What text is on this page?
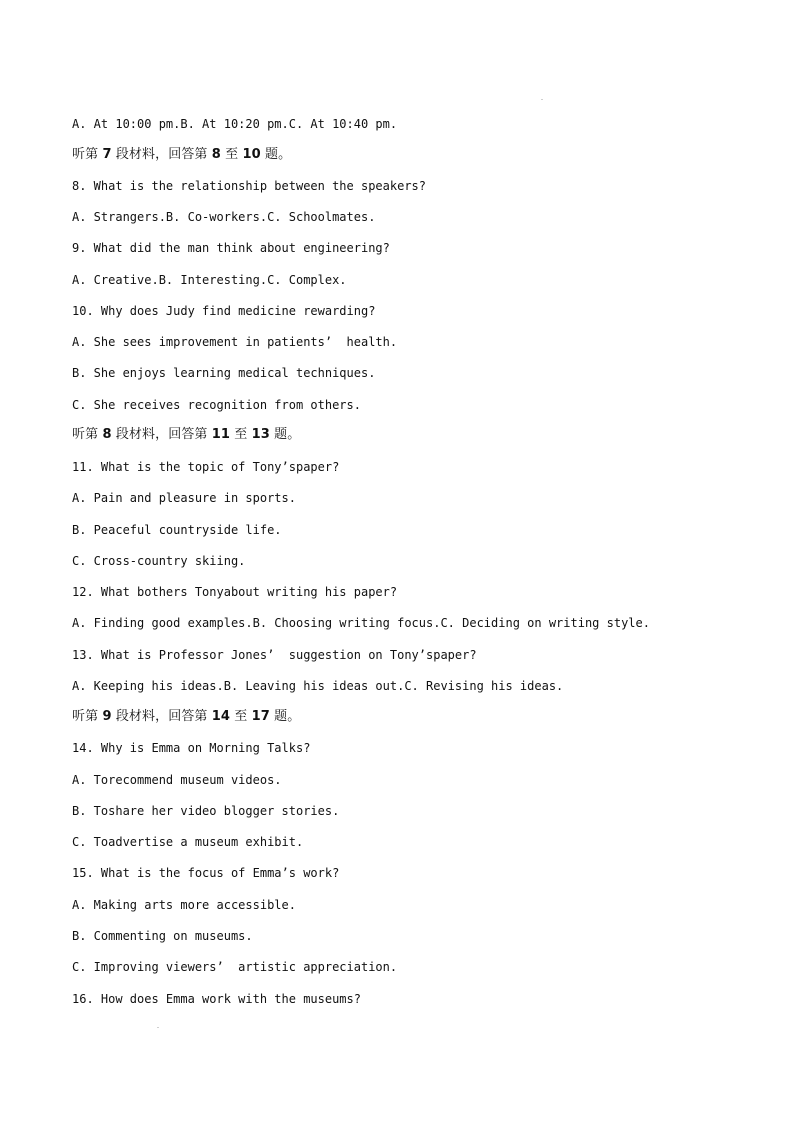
A. At 10:00 pm.B. At 10:20 pm.C. At 10:40 pm.
听第 7 段材料，回答第 8 至 10 题。
8. What is the relationship between the speakers?
A. Strangers.B. Co-workers.C. Schoolmates.
9. What did the man think about engineering?
A. Creative.B. Interesting.C. Complex.
10. Why does Judy find medicine rewarding?
A. She sees improvement in patients’  health.
B. She enjoys learning medical techniques.
C. She receives recognition from others.
听第 8 段材料，回答第 11 至 13 题。
11. What is the topic of Tony’spaper?
A. Pain and pleasure in sports.
B. Peaceful countryside life.
C. Cross-country skiing.
12. What bothers Tonyabout writing his paper?
A. Finding good examples.B. Choosing writing focus.C. Deciding on writing style.
13. What is Professor Jones’  suggestion on Tony’spaper?
A. Keeping his ideas.B. Leaving his ideas out.C. Revising his ideas.
听第 9 段材料，回答第 14 至 17 题。
14. Why is Emma on Morning Talks?
A. Torecommend museum videos.
B. Toshare her video blogger stories.
C. Toadvertise a museum exhibit.
15. What is the focus of Emma’s work?
A. Making arts more accessible.
B. Commenting on museums.
C. Improving viewers’  artistic appreciation.
16. How does Emma work with the museums?
